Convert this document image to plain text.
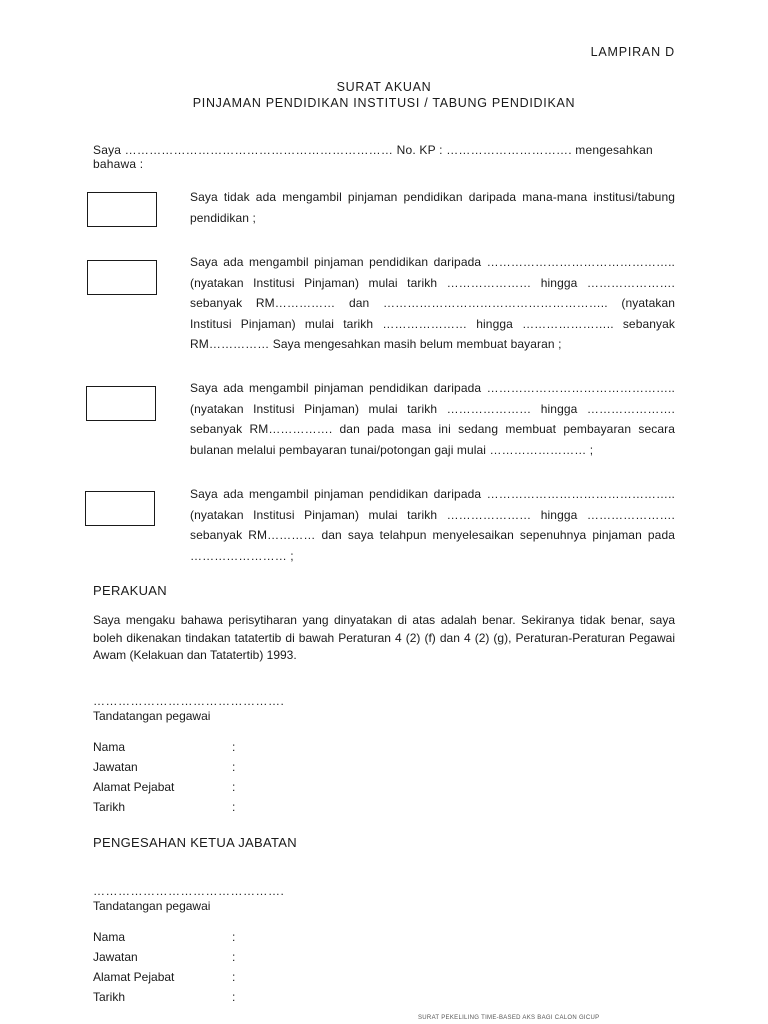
LAMPIRAN D
SURAT AKUAN
PINJAMAN PENDIDIKAN INSTITUSI / TABUNG PENDIDIKAN
Saya ………………………………………………………… No. KP : …………………………. mengesahkan bahawa :
Saya tidak ada mengambil pinjaman pendidikan daripada mana-mana institusi/tabung pendidikan ;
Saya ada mengambil pinjaman pendidikan daripada ……………………………………….. (nyatakan Institusi Pinjaman) mulai tarikh ………………… hingga …………………. sebanyak RM…………… dan ……………………………………………….. (nyatakan Institusi Pinjaman) mulai tarikh ………………… hingga ………………….. sebanyak RM…………… Saya mengesahkan masih belum membuat bayaran ;
Saya ada mengambil pinjaman pendidikan daripada ……………………………………….. (nyatakan Institusi Pinjaman) mulai tarikh ………………… hingga …………………. sebanyak RM……………. dan pada masa ini sedang membuat pembayaran secara bulanan melalui pembayaran tunai/potongan gaji mulai …………………… ;
Saya ada mengambil pinjaman pendidikan daripada ……………………………………….. (nyatakan Institusi Pinjaman) mulai tarikh ………………… hingga …………………. sebanyak RM………… dan saya telahpun menyelesaikan sepenuhnya pinjaman pada …………………… ;
PERAKUAN
Saya mengaku bahawa perisytiharan yang dinyatakan di atas adalah benar. Sekiranya tidak benar, saya boleh dikenakan tindakan tatatertib di bawah Peraturan 4 (2) (f) dan 4 (2) (g), Peraturan-Peraturan Pegawai Awam (Kelakuan dan Tatatertib) 1993.
……………………………………….
Tandatangan pegawai
Nama	:
Jawatan	:
Alamat Pejabat	:
Tarikh	:
PENGESAHAN KETUA JABATAN
……………………………………….
Tandatangan pegawai
Nama	:
Jawatan	:
Alamat Pejabat	:
Tarikh	:
SURAT PEKELILING TIME-BASED AKS BAGI CALON GICUP
